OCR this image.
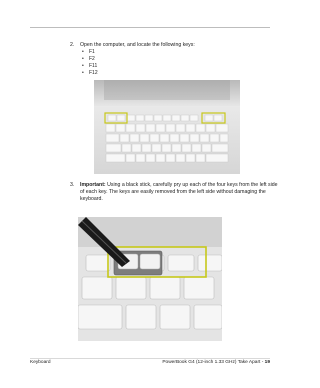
2. Open the computer, and locate the following keys:
• F1
• F2
• F11
• F12
3. Important: Using a black stick, carefully pry up each of the four keys from the left side
of each key. The keys are easily removed from the left side without damaging the
keyboard.
Keyboard	PowerBook G4 (12-inch 1.33 GHz) Take Apart - 19
